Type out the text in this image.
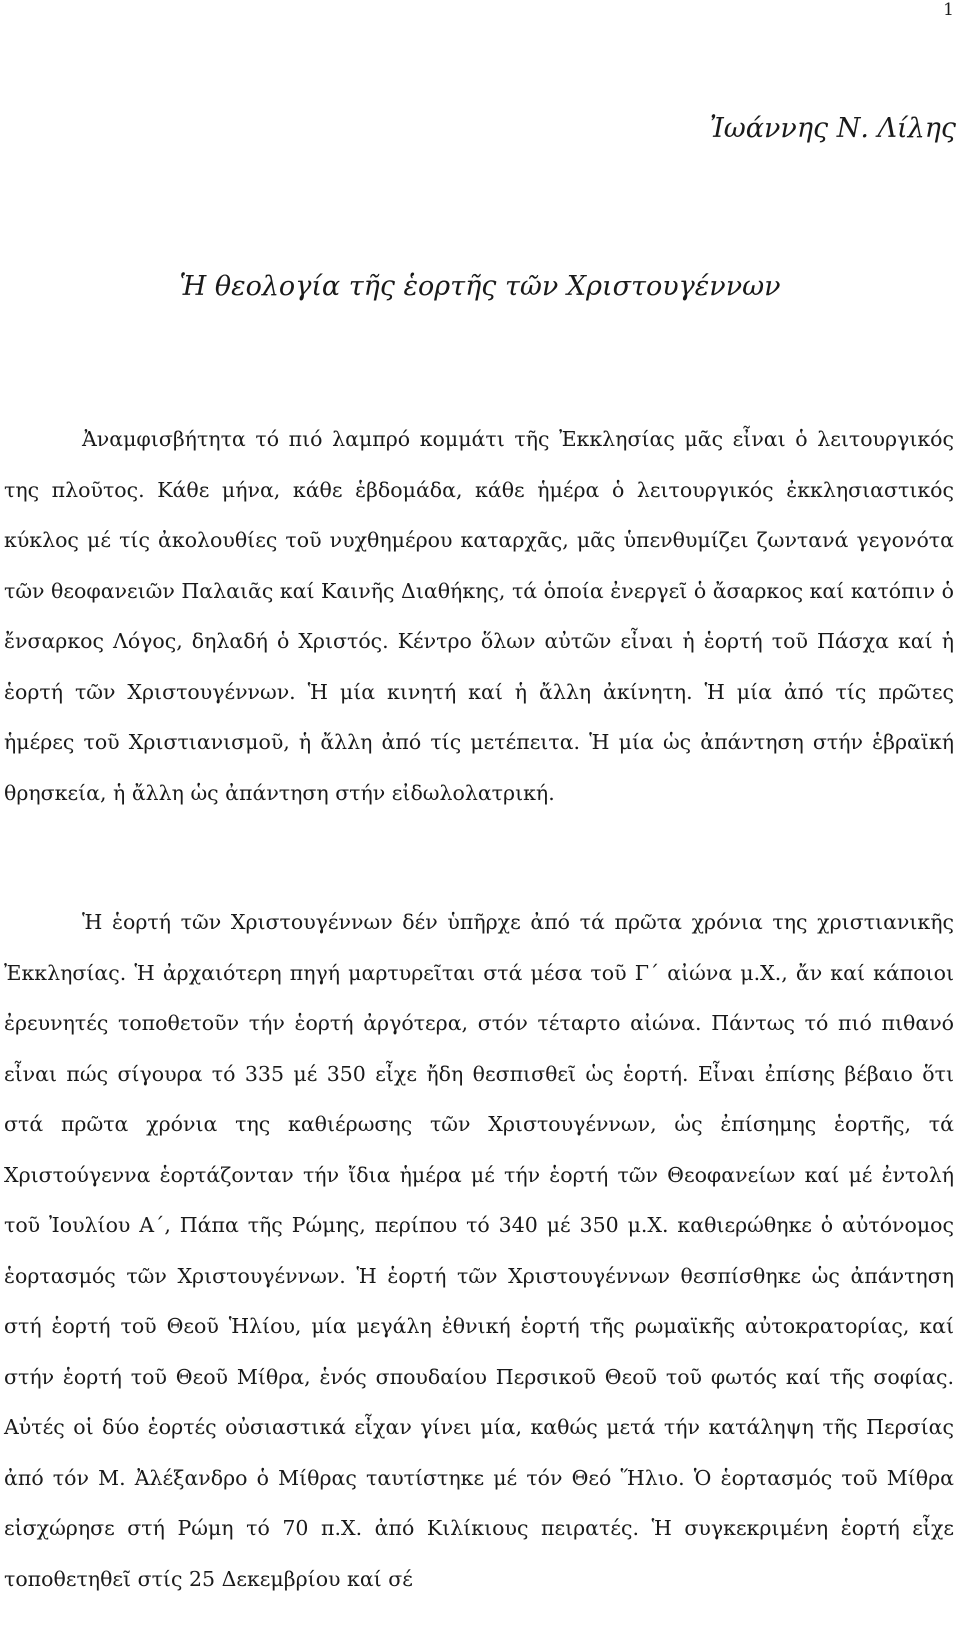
1
Ἰωάννης Ν. Λίλης
Ἡ θεολογία τῆς ἑορτῆς τῶν Χριστουγέννων

Ἀναμφισβήτητα τό πιό λαμπρό κομμάτι τῆς Ἐκκλησίας μᾶς εἶναι ὁ λειτουργικός της πλοῦτος. Κάθε μήνα, κάθε ἑβδομάδα, κάθε ἡμέρα ὁ λειτουργικός ἐκκλησιαστικός κύκλος μέ τίς ἀκολουθίες τοῦ νυχθημέρου καταρχᾶς, μᾶς ὑπενθυμίζει ζωντανά γεγονότα τῶν θεοφανειῶν Παλαιᾶς καί Καινῆς Διαθήκης, τά ὁποία ἐνεργεῖ ὁ ἄσαρκος καί κατόπιν ὁ ἔνσαρκος Λόγος, δηλαδή ὁ Χριστός. Κέντρο ὅλων αὐτῶν εἶναι ἡ ἑορτή τοῦ Πάσχα καί ἡ ἑορτή τῶν Χριστουγέννων. Ἡ μία κινητή καί ἡ ἄλλη ἀκίνητη. Ἡ μία ἀπό τίς πρῶτες ἡμέρες τοῦ Χριστιανισμοῦ, ἡ ἄλλη ἀπό τίς μετέπειτα. Ἡ μία ὡς ἀπάντηση στήν ἑβραϊκή θρησκεία, ἡ ἄλλη ὡς ἀπάντηση στήν εἰδωλολατρική.

Ἡ ἑορτή τῶν Χριστουγέννων δέν ὑπῆρχε ἀπό τά πρῶτα χρόνια της χριστιανικῆς Ἐκκλησίας. Ἡ ἀρχαιότερη πηγή μαρτυρεῖται στά μέσα τοῦ Γ΄ αἰώνα μ.Χ., ἄν καί κάποιοι ἐρευνητές τοποθετοῦν τήν ἑορτή ἀργότερα, στόν τέταρτο αἰώνα. Πάντως τό πιό πιθανό εἶναι πώς σίγουρα τό 335 μέ 350 εἶχε ἤδη θεσπισθεῖ ὡς ἑορτή. Εἶναι ἐπίσης βέβαιο ὅτι στά πρῶτα χρόνια της καθιέρωσης τῶν Χριστουγέννων, ὡς ἐπίσημης ἑορτῆς, τά Χριστούγεννα ἑορτάζονταν τήν ἴδια ἡμέρα μέ τήν ἑορτή τῶν Θεοφανείων καί μέ ἐντολή τοῦ Ἰουλίου Α΄, Πάπα τῆς Ρώμης, περίπου τό 340 μέ 350 μ.Χ. καθιερώθηκε ὁ αὐτόνομος ἑορτασμός τῶν Χριστουγέννων. Ἡ ἑορτή τῶν Χριστουγέννων θεσπίσθηκε ὡς ἀπάντηση στή ἑορτή τοῦ Θεοῦ Ἡλίου, μία μεγάλη ἐθνική ἑορτή τῆς ρωμαϊκῆς αὐτοκρατορίας, καί στήν ἑορτή τοῦ Θεοῦ Μίθρα, ἑνός σπουδαίου Περσικοῦ Θεοῦ τοῦ φωτός καί τῆς σοφίας. Αὐτές οἱ δύο ἑορτές οὐσιαστικά εἶχαν γίνει μία, καθώς μετά τήν κατάληψη τῆς Περσίας ἀπό τόν Μ. Ἀλέξανδρο ὁ Μίθρας ταυτίστηκε μέ τόν Θεό Ἥλιο. Ὁ ἑορτασμός τοῦ Μίθρα εἰσχώρησε στή Ρώμη τό 70 π.Χ. ἀπό Κιλίκιους πειρατές. Ἡ συγκεκριμένη ἑορτή εἶχε τοποθετηθεῖ στίς 25 Δεκεμβρίου καί σέ
